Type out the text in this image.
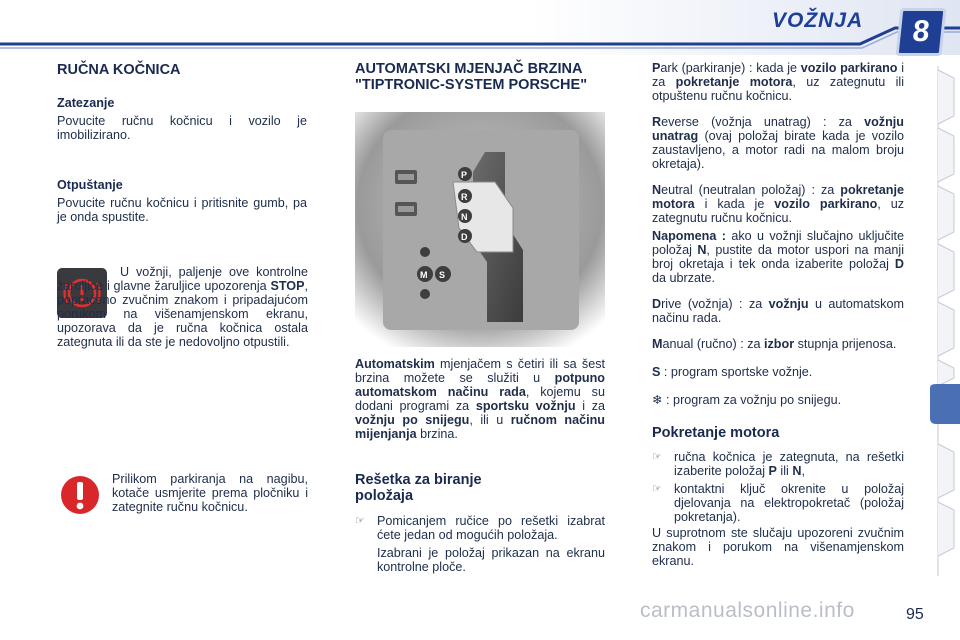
VOŽNJA	8
RUČNA KOČNICA
Zatezanje

Povucite ručnu kočnicu i vozilo je imobilizirano.

Otpuštanje

Povucite ručnu kočnicu i pritisnite gumb, pa je onda spustite.

U vožnji, paljenje ove kontrolne žaruljice i glavne žaruljice upozorenja STOP, popraćeno zvučnim znakom i pripadajućom porukom na višenamjenskom ekranu, upozorava da je ručna kočnica ostala zategnuta ili da ste je nedovoljno otpustili.

Prilikom parkiranja na nagibu, kotače usmjerite prema pločniku i zategnite ručnu kočnicu.

AUTOMATSKI MJENJAČ BRZINA "TIPTRONIC-SYSTEM PORSCHE"
P
R
N
D
M S

Automatskim mjenjačem s četiri ili sa šest brzina možete se služiti u potpuno automatskom načinu rada, kojemu su dodani programi za sportsku vožnju i za vožnju po snijegu, ili u ručnom načinu mijenjanja brzina.

Rešetka za biranje položaja
☞ Pomicanjem ručice po rešetki izabrat ćete jedan od mogućih položaja.

Izabrani je položaj prikazan na ekranu kontrolne ploče.

Park (parkiranje) : kada je vozilo parkirano i za pokretanje motora, uz zategnutu ili otpuštenu ručnu kočnicu.

Reverse (vožnja unatrag) : za vožnju unatrag (ovaj položaj birate kada je vozilo zaustavljeno, a motor radi na malom broju okretaja).

Neutral (neutralan položaj) : za pokretanje motora i kada je vozilo parkirano, uz zategnutu ručnu kočnicu.

Napomena : ako u vožnji slučajno uključite položaj N, pustite da motor uspori na manji broj okretaja i tek onda izaberite položaj D da ubrzate.

Drive (vožnja) : za vožnju u automatskom načinu rada.

Manual (ručno) : za izbor stupnja prijenosa.

S : program sportske vožnje.

❄ : program za vožnju po snijegu.

Pokretanje motora
☞ ručna kočnica je zategnuta, na rešetki izaberite položaj P ili N,
☞ kontaktni ključ okrenite u položaj djelovanja na elektropokretač (položaj pokretanja).

U suprotnom ste slučaju upozoreni zvučnim znakom i porukom na višenamjenskom ekranu.

carmanualsonline.info	95
